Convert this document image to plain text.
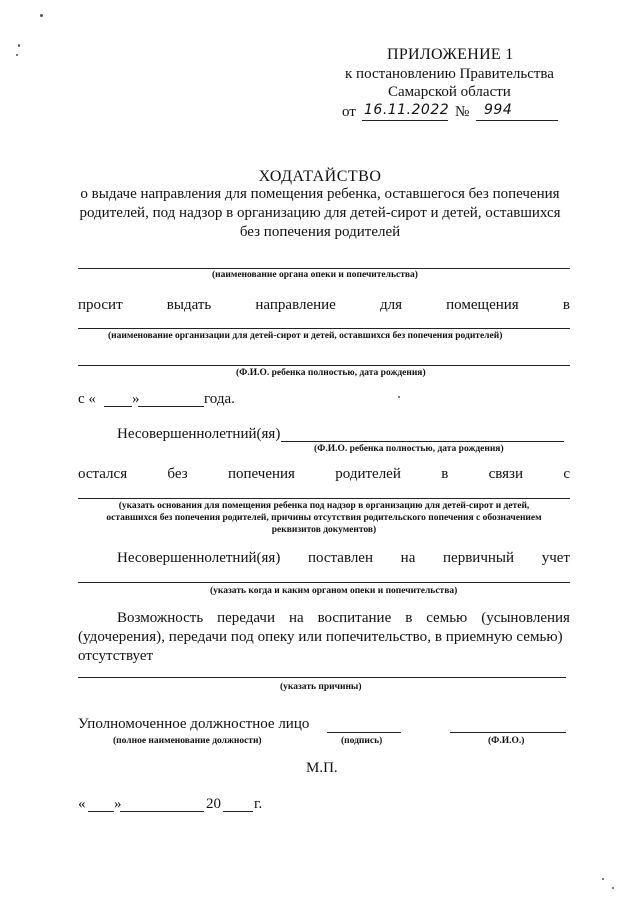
ПРИЛОЖЕНИЕ 1
к постановлению Правительства
Самарской области
от 16.11.2022 № 994
ХОДАТАЙСТВО
о выдаче направления для помещения ребенка, оставшегося без попечения
родителей, под надзор в организацию для детей-сирот и детей, оставшихся
без попечения родителей
(наименование органа опеки и попечительства)
просит	выдать	направление	для	помещения	в
(наименование организации для детей-сирот и детей, оставшихся без попечения родителей)
(Ф.И.О. ребенка полностью, дата рождения)
с « »	года.
Несовершеннолетний(яя)
(Ф.И.О. ребенка полностью, дата рождения)
остался	без	попечения	родителей	в	связи	с
(указать основания для помещения ребенка под надзор в организацию для детей-сирот и детей,
оставшихся без попечения родителей, причины отсутствия родительского попечения с обозначением
реквизитов документов)
Несовершеннолетний(яя) поставлен на первичный учет
(указать когда и каким органом опеки и попечительства)
Возможность передачи на воспитание в семью (усыновления
(удочерения), передачи под опеку или попечительство, в приемную семью)
отсутствует
(указать причины)
Уполномоченное должностное лицо
(полное наименование должности)	(подпись)	(Ф.И.О.)
М.П.
« »	20 г.
